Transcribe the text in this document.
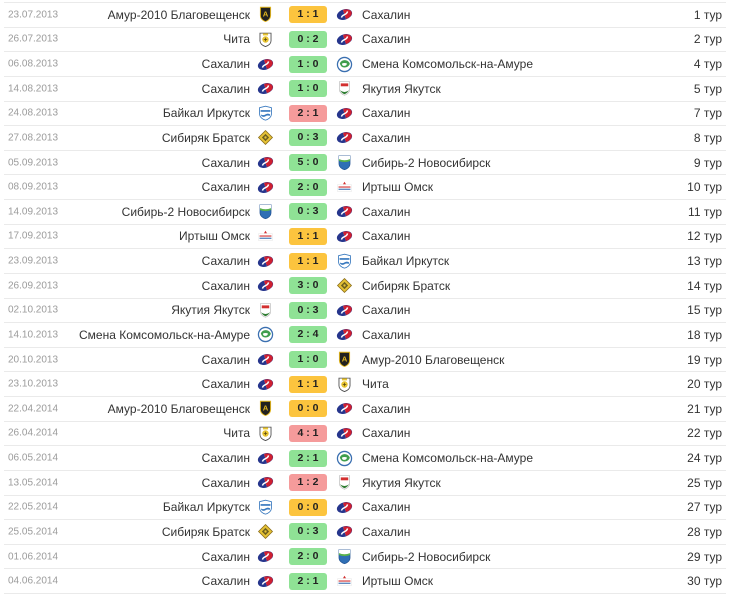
23.07.2013	Амур-2010 Благовещенск	1 : 1	Сахалин	1 тур
26.07.2013	Чита	0 : 2	Сахалин	2 тур
06.08.2013	Сахалин	1 : 0	Смена Комсомольск-на-Амуре	4 тур
14.08.2013	Сахалин	1 : 0	Якутия Якутск	5 тур
24.08.2013	Байкал Иркутск	2 : 1	Сахалин	7 тур
27.08.2013	Сибиряк Братск	0 : 3	Сахалин	8 тур
05.09.2013	Сахалин	5 : 0	Сибирь-2 Новосибирск	9 тур
08.09.2013	Сахалин	2 : 0	Иртыш Омск	10 тур
14.09.2013	Сибирь-2 Новосибирск	0 : 3	Сахалин	11 тур
17.09.2013	Иртыш Омск	1 : 1	Сахалин	12 тур
23.09.2013	Сахалин	1 : 1	Байкал Иркутск	13 тур
26.09.2013	Сахалин	3 : 0	Сибиряк Братск	14 тур
02.10.2013	Якутия Якутск	0 : 3	Сахалин	15 тур
14.10.2013 Смена Комсомольск-на-Амуре	2 : 4	Сахалин	18 тур
20.10.2013	Сахалин	1 : 0	Амур-2010 Благовещенск	19 тур
23.10.2013	Сахалин	1 : 1	Чита	20 тур
22.04.2014	Амур-2010 Благовещенск	0 : 0	Сахалин	21 тур
26.04.2014	Чита	4 : 1	Сахалин	22 тур
06.05.2014	Сахалин	2 : 1	Смена Комсомольск-на-Амуре	24 тур
13.05.2014	Сахалин	1 : 2	Якутия Якутск	25 тур
22.05.2014	Байкал Иркутск	0 : 0	Сахалин	27 тур
25.05.2014	Сибиряк Братск	0 : 3	Сахалин	28 тур
01.06.2014	Сахалин	2 : 0	Сибирь-2 Новосибирск	29 тур
04.06.2014	Сахалин	2 : 1	Иртыш Омск	30 тур
